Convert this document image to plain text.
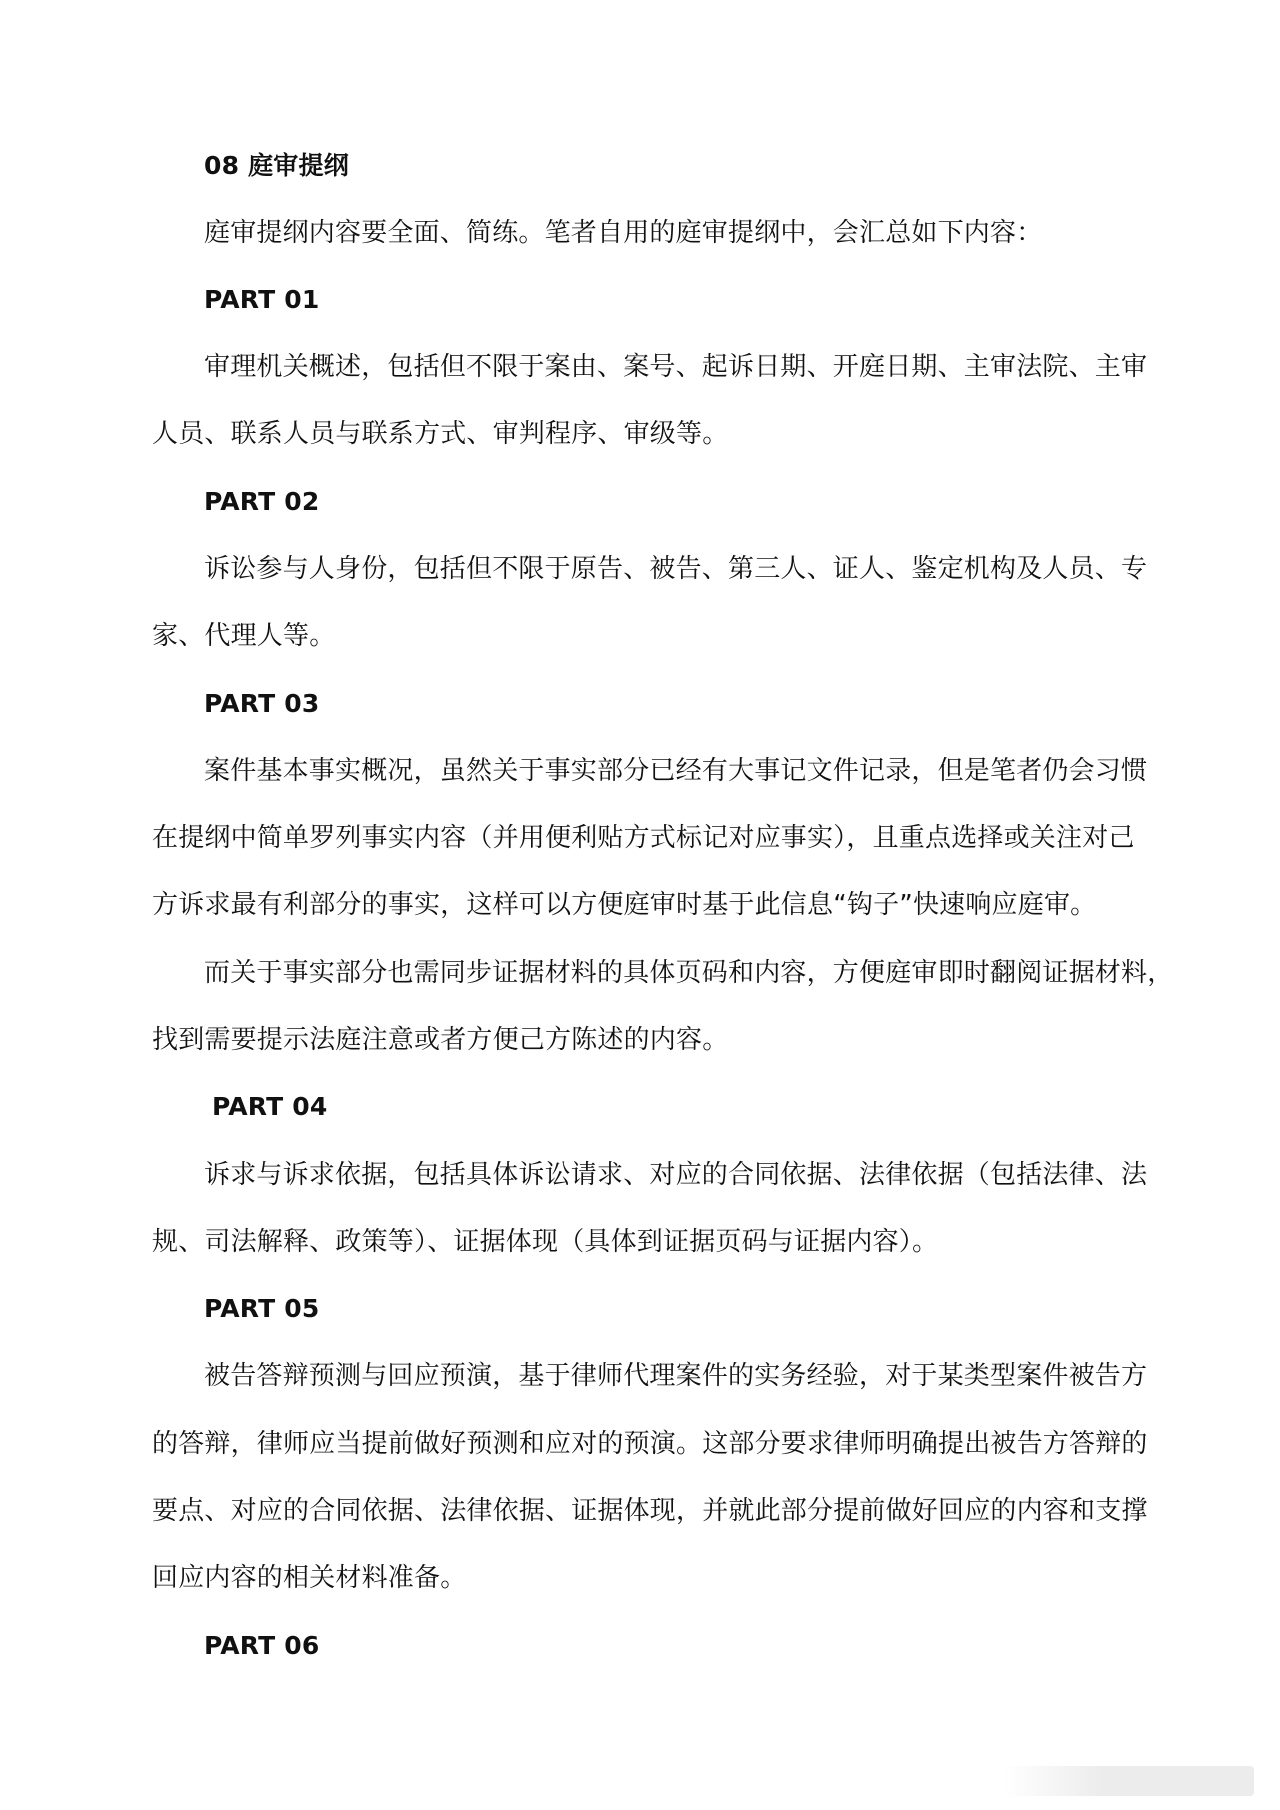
08 庭审提纲
庭审提纲内容要全面、简练。笔者自用的庭审提纲中，会汇总如下内容：
PART 01
审理机关概述，包括但不限于案由、案号、起诉日期、开庭日期、主审法院、主审
人员、联系人员与联系方式、审判程序、审级等。
PART 02
诉讼参与人身份，包括但不限于原告、被告、第三人、证人、鉴定机构及人员、专
家、代理人等。
PART 03
案件基本事实概况，虽然关于事实部分已经有大事记文件记录，但是笔者仍会习惯
在提纲中简单罗列事实内容（并用便利贴方式标记对应事实），且重点选择或关注对己
方诉求最有利部分的事实，这样可以方便庭审时基于此信息“钩子”快速响应庭审。
而关于事实部分也需同步证据材料的具体页码和内容，方便庭审即时翻阅证据材料，
找到需要提示法庭注意或者方便己方陈述的内容。
PART 04
诉求与诉求依据，包括具体诉讼请求、对应的合同依据、法律依据（包括法律、法
规、司法解释、政策等）、证据体现（具体到证据页码与证据内容）。
PART 05
被告答辩预测与回应预演，基于律师代理案件的实务经验，对于某类型案件被告方
的答辩，律师应当提前做好预测和应对的预演。这部分要求律师明确提出被告方答辩的
要点、对应的合同依据、法律依据、证据体现，并就此部分提前做好回应的内容和支撑
回应内容的相关材料准备。
PART 06
